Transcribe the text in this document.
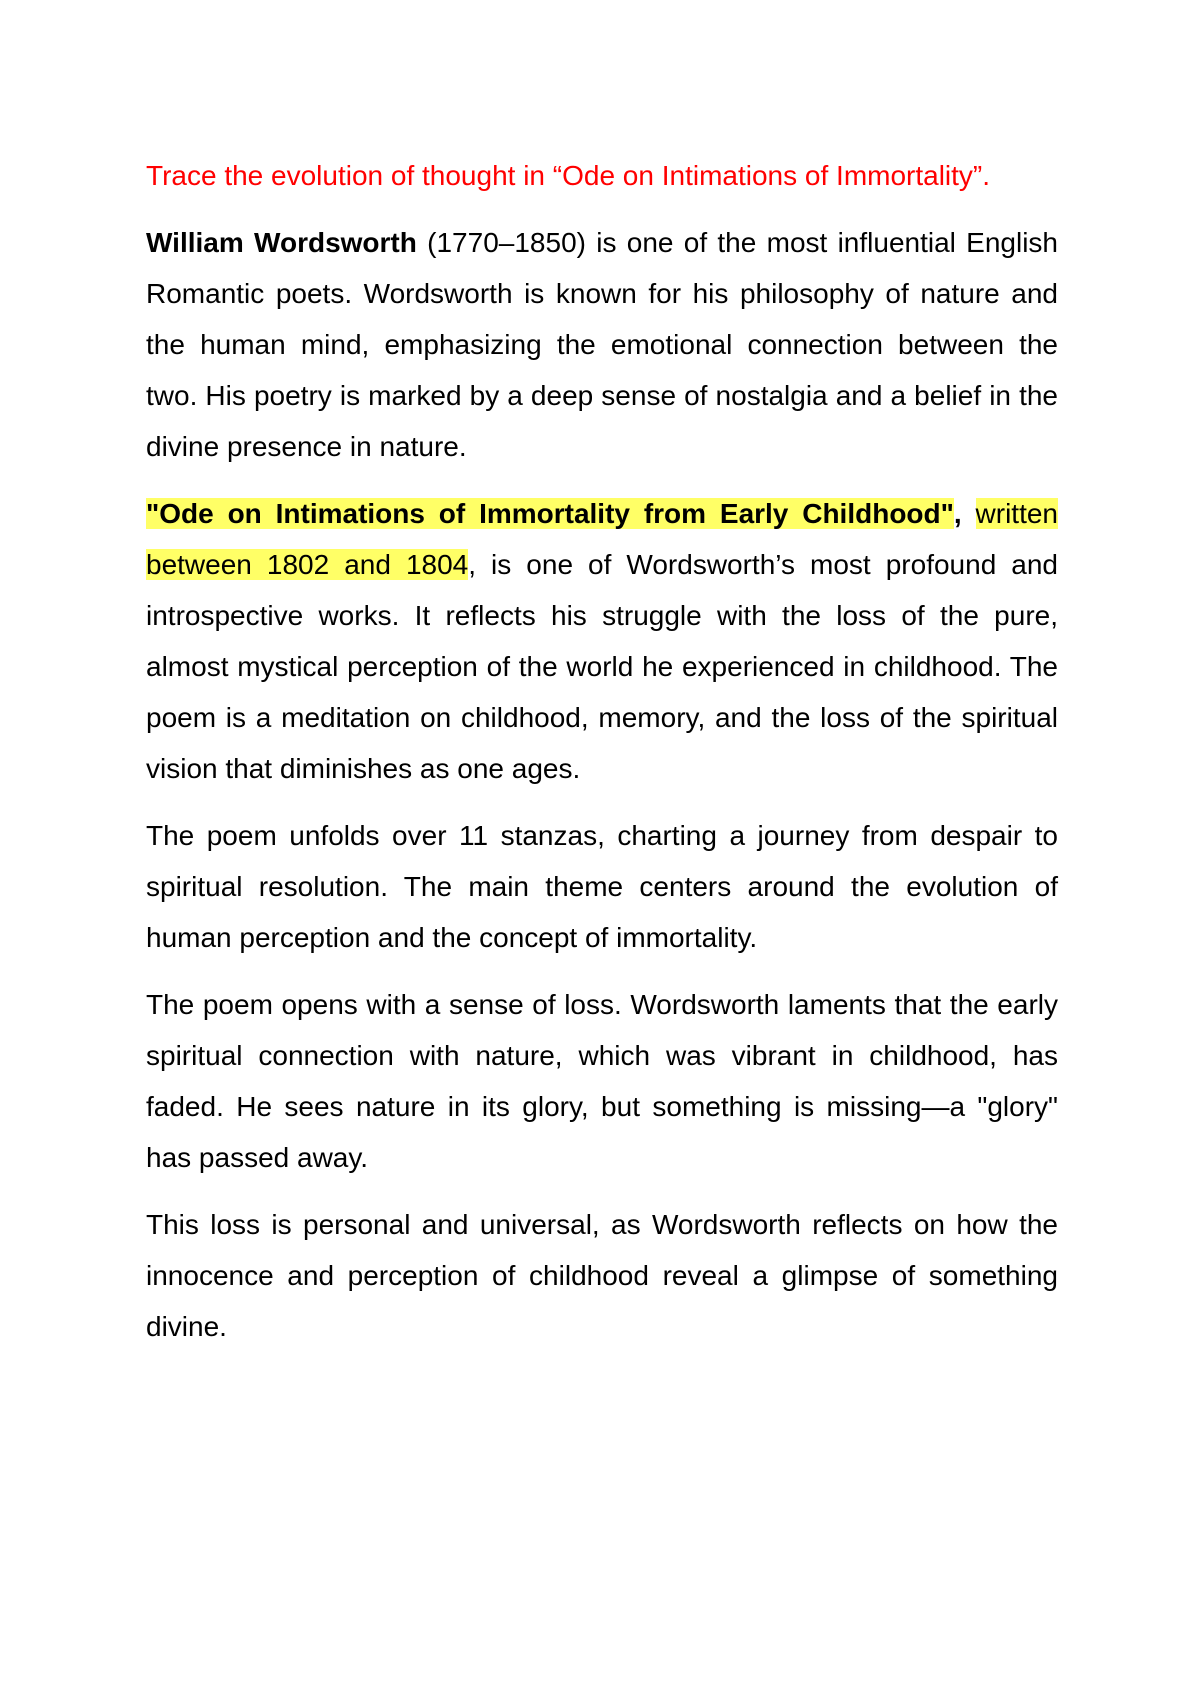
Trace the evolution of thought in “Ode on Intimations of Immortality”.

William Wordsworth (1770–1850) is one of the most influential English Romantic poets. Wordsworth is known for his philosophy of nature and the human mind, emphasizing the emotional connection between the two. His poetry is marked by a deep sense of nostalgia and a belief in the divine presence in nature.

"Ode on Intimations of Immortality from Early Childhood", written between 1802 and 1804, is one of Wordsworth’s most profound and introspective works. It reflects his struggle with the loss of the pure, almost mystical perception of the world he experienced in childhood. The poem is a meditation on childhood, memory, and the loss of the spiritual vision that diminishes as one ages.

The poem unfolds over 11 stanzas, charting a journey from despair to spiritual resolution. The main theme centers around the evolution of human perception and the concept of immortality.

The poem opens with a sense of loss. Wordsworth laments that the early spiritual connection with nature, which was vibrant in childhood, has faded. He sees nature in its glory, but something is missing—a "glory" has passed away.

This loss is personal and universal, as Wordsworth reflects on how the innocence and perception of childhood reveal a glimpse of something divine.
